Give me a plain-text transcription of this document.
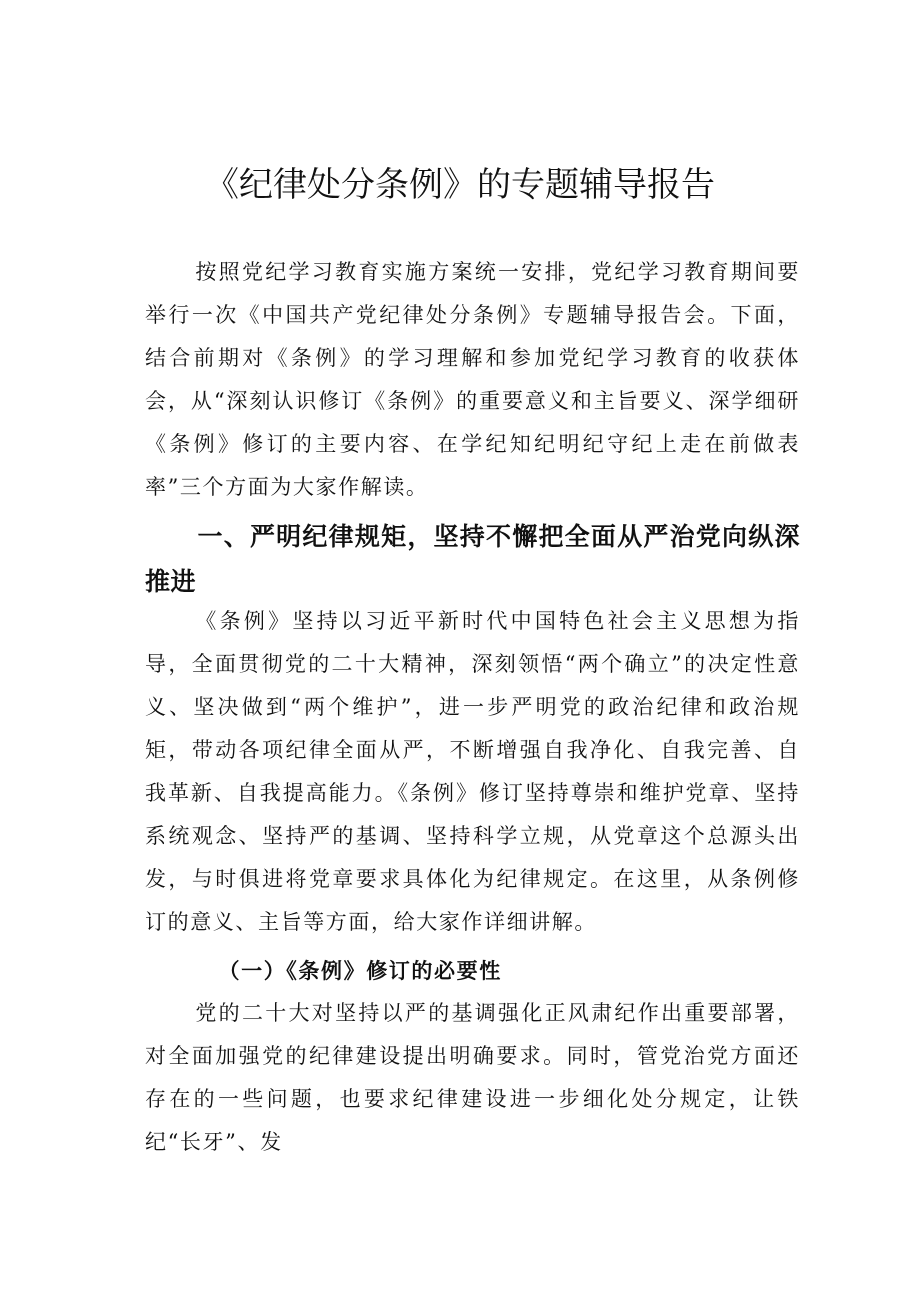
《纪律处分条例》的专题辅导报告

按照党纪学习教育实施方案统一安排，党纪学习教育期间要举行一次《中国共产党纪律处分条例》专题辅导报告会。下面，结合前期对《条例》的学习理解和参加党纪学习教育的收获体会，从“深刻认识修订《条例》的重要意义和主旨要义、深学细研《条例》修订的主要内容、在学纪知纪明纪守纪上走在前做表率”三个方面为大家作解读。

一、严明纪律规矩，坚持不懈把全面从严治党向纵深推进

《条例》坚持以习近平新时代中国特色社会主义思想为指导，全面贯彻党的二十大精神，深刻领悟“两个确立”的决定性意义、坚决做到“两个维护”，进一步严明党的政治纪律和政治规矩，带动各项纪律全面从严，不断增强自我净化、自我完善、自我革新、自我提高能力。《条例》修订坚持尊崇和维护党章、坚持系统观念、坚持严的基调、坚持科学立规，从党章这个总源头出发，与时俱进将党章要求具体化为纪律规定。在这里，从条例修订的意义、主旨等方面，给大家作详细讲解。

（一）《条例》修订的必要性

党的二十大对坚持以严的基调强化正风肃纪作出重要部署，对全面加强党的纪律建设提出明确要求。同时，管党治党方面还存在的一些问题，也要求纪律建设进一步细化处分规定，让铁纪“长牙”、发
